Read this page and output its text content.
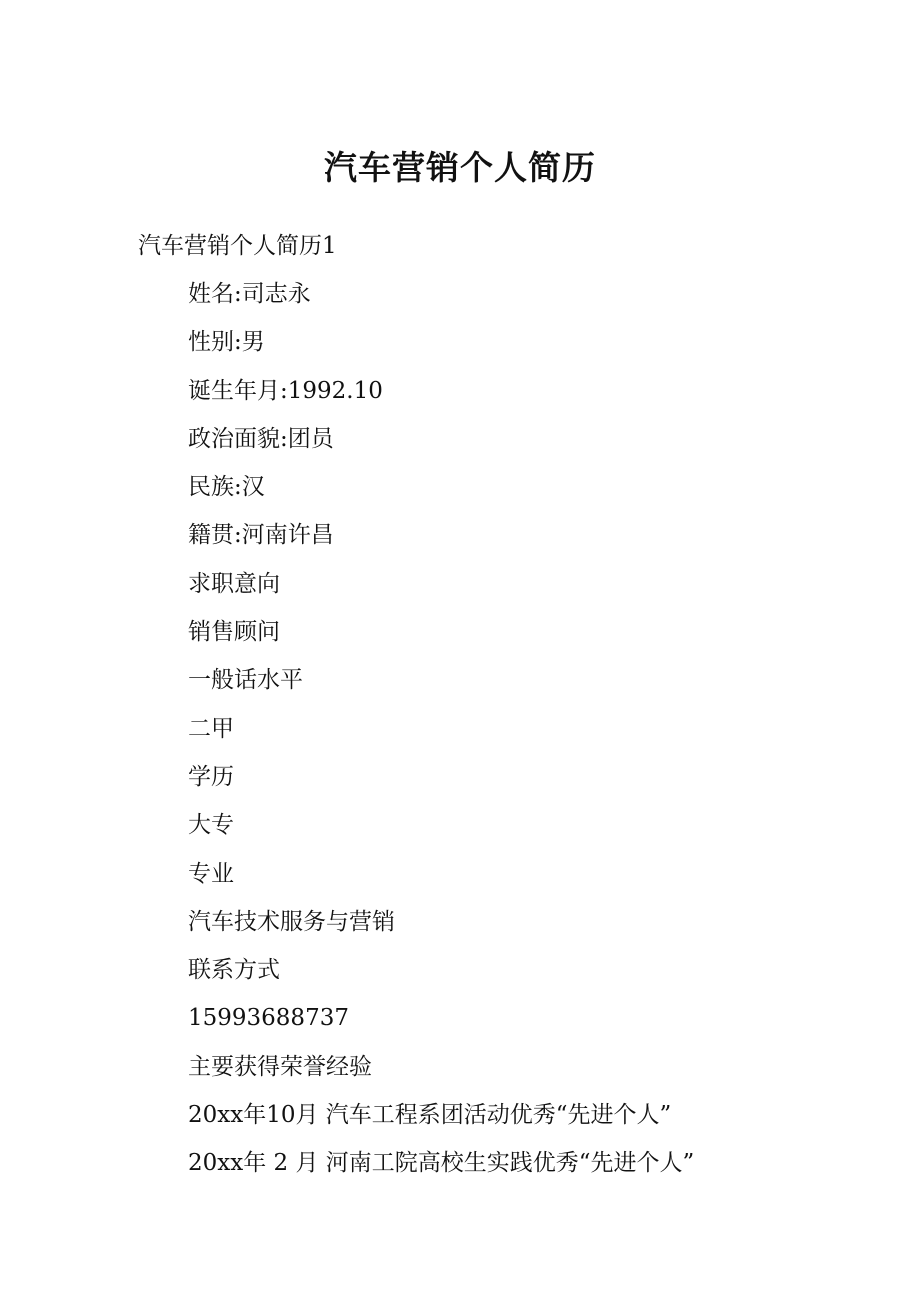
汽车营销个人简历
汽车营销个人简历1
姓名:司志永
性别:男
诞生年月:1992.10
政治面貌:团员
民族:汉
籍贯:河南许昌
求职意向
销售顾问
一般话水平
二甲
学历
大专
专业
汽车技术服务与营销
联系方式
15993688737
主要获得荣誉经验
20xx年10月 汽车工程系团活动优秀“先进个人”
20xx年 2 月 河南工院高校生实践优秀“先进个人”
